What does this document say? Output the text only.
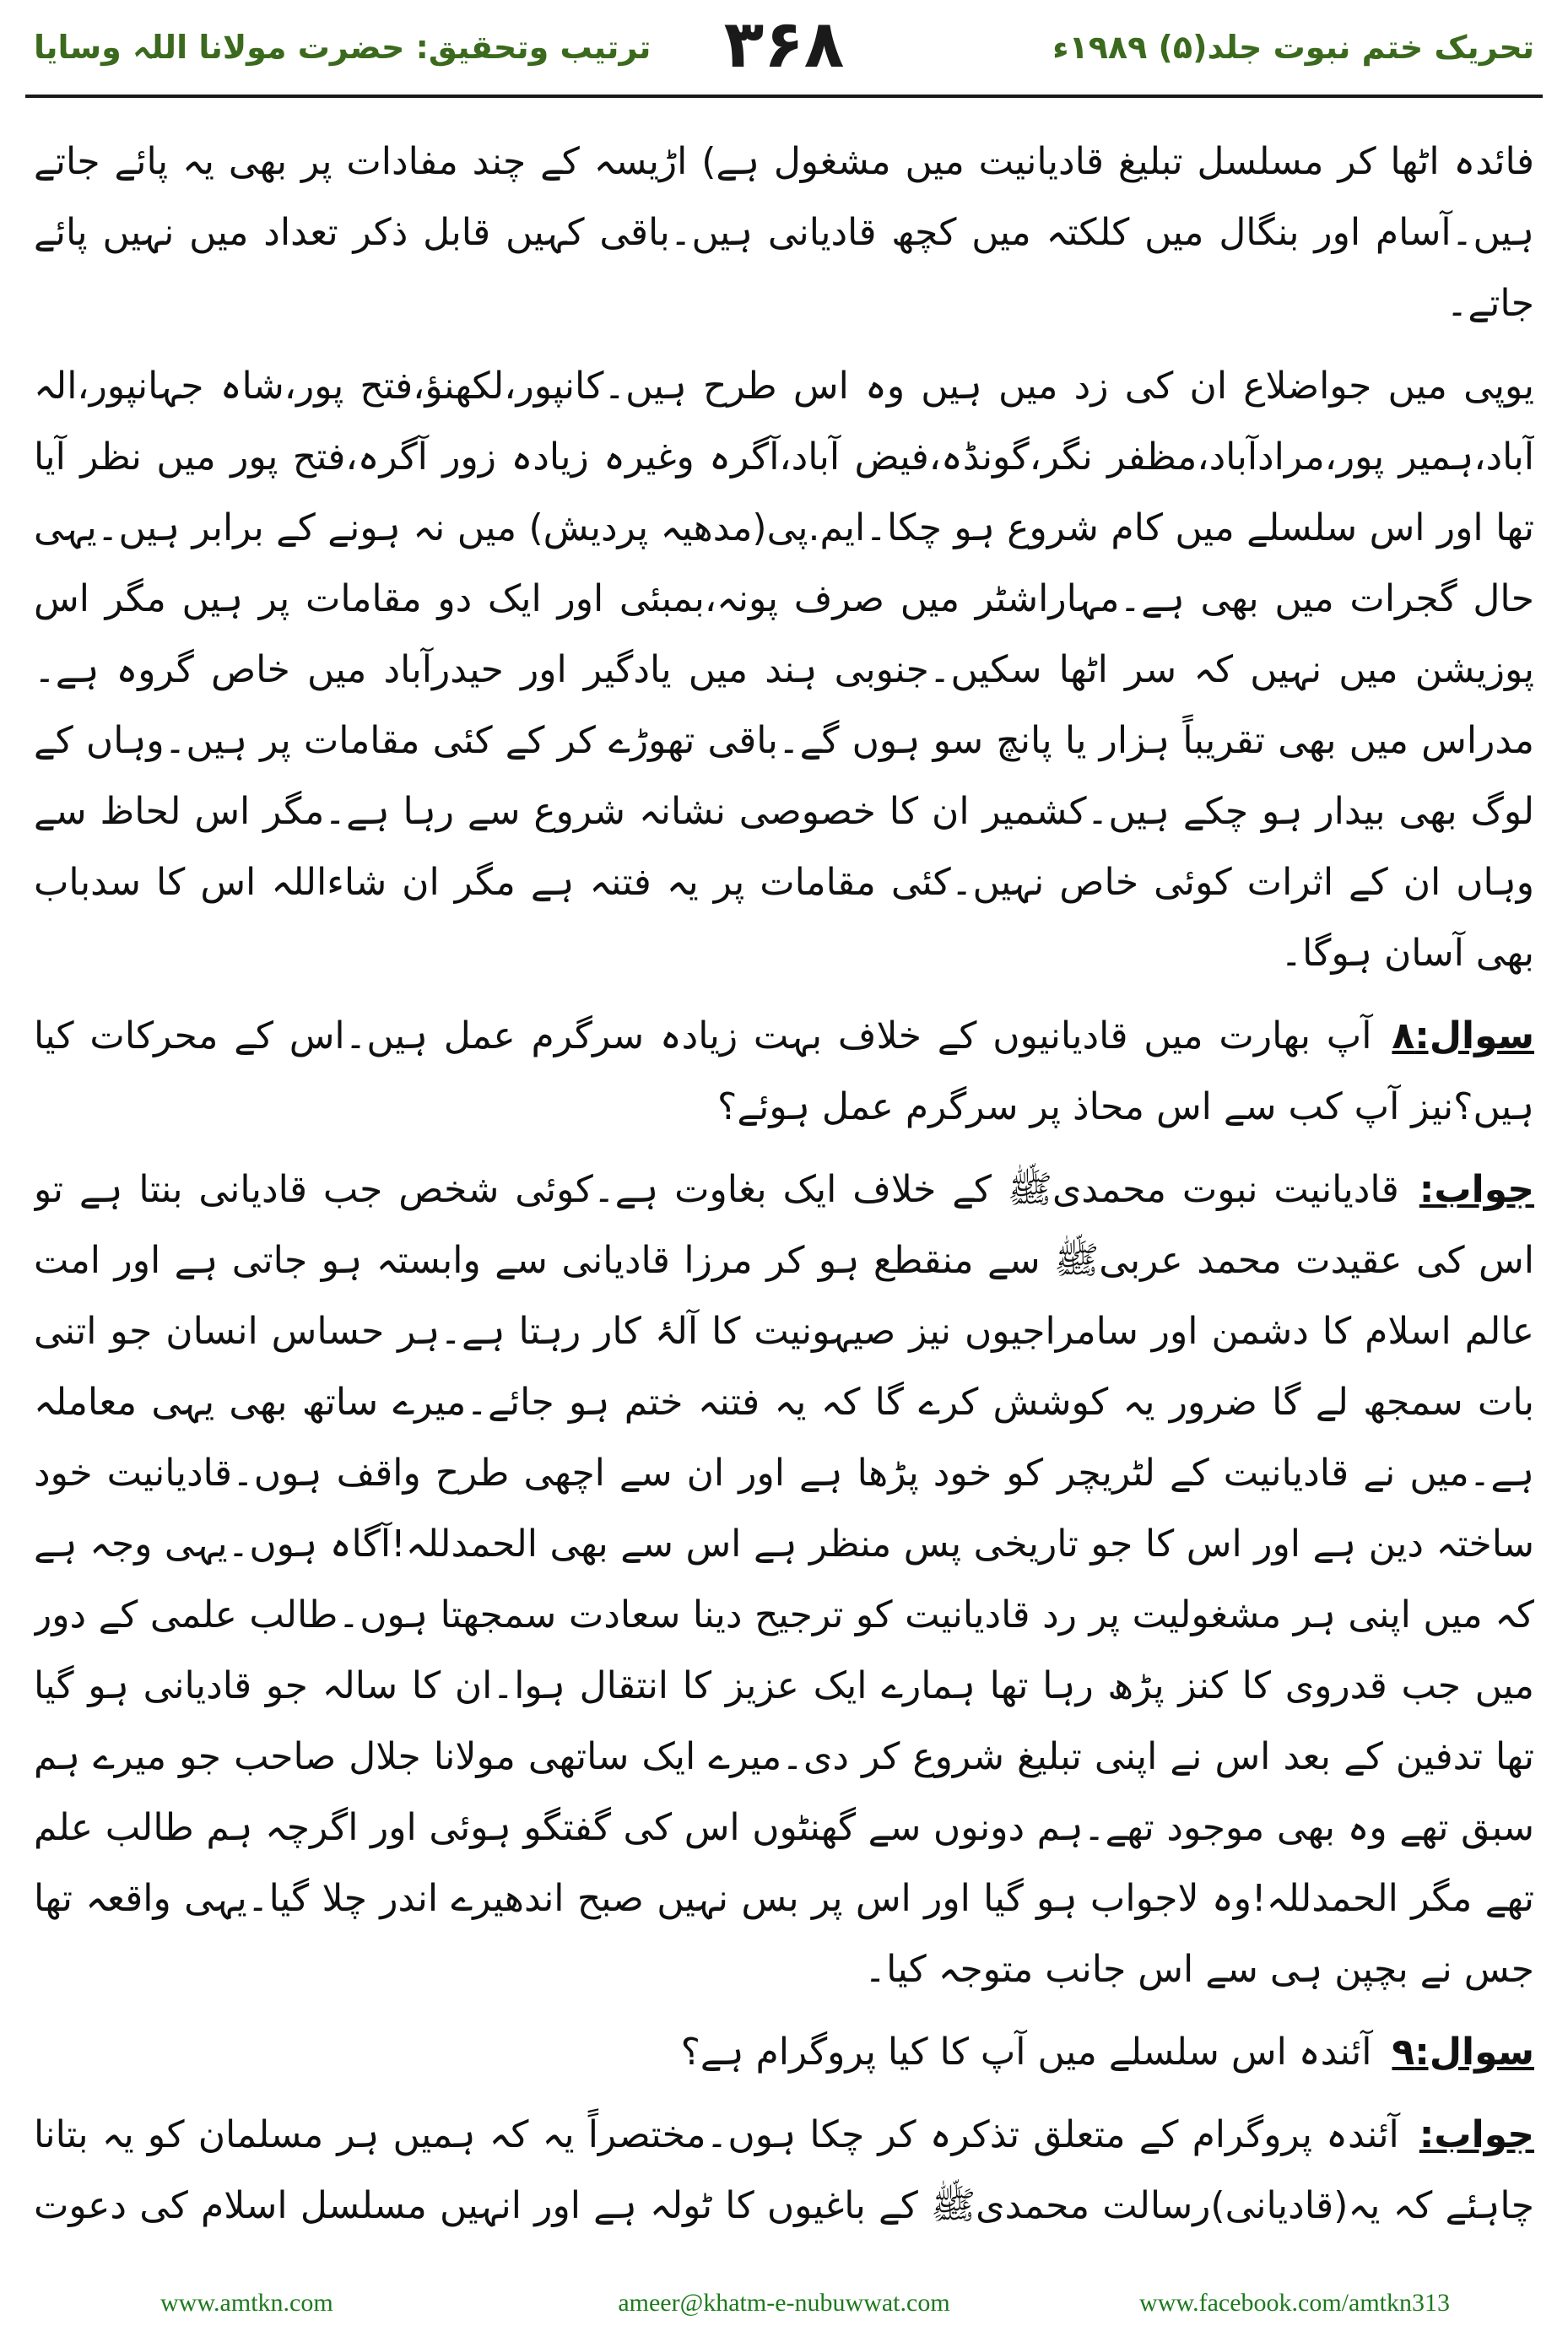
تحریک ختم نبوت جلد(۵) ۱۹۸۹ء
۳۶۸
ترتیب وتحقیق: حضرت مولانا اللہ وسایا

فائدہ اٹھا کر مسلسل تبلیغ قادیانیت میں مشغول ہے) اڑیسہ کے چند مفادات پر بھی یہ پائے جاتے ہیں۔آسام اور بنگال میں کلکتہ میں کچھ قادیانی ہیں۔باقی کہیں قابل ذکر تعداد میں نہیں پائے جاتے۔

یوپی میں جواضلاع ان کی زد میں ہیں وہ اس طرح ہیں۔کانپور،لکھنؤ،فتح پور،شاہ جہانپور،الہ آباد،ہمیر پور،مرادآباد،مظفر نگر،گونڈہ،فیض آباد،آگرہ وغیرہ زیادہ زور آگرہ،فتح پور میں نظر آیا تھا اور اس سلسلے میں کام شروع ہو چکا۔ایم.پی(مدھیہ پردیش) میں نہ ہونے کے برابر ہیں۔یہی حال گجرات میں بھی ہے۔مہاراشٹر میں صرف پونہ،بمبئی اور ایک دو مقامات پر ہیں مگر اس پوزیشن میں نہیں کہ سر اٹھا سکیں۔جنوبی ہند میں یادگیر اور حیدرآباد میں خاص گروہ ہے۔مدراس میں بھی تقریباً ہزار یا پانچ سو ہوں گے۔باقی تھوڑے کر کے کئی مقامات پر ہیں۔وہاں کے لوگ بھی بیدار ہو چکے ہیں۔کشمیر ان کا خصوصی نشانہ شروع سے رہا ہے۔مگر اس لحاظ سے وہاں ان کے اثرات کوئی خاص نہیں۔کئی مقامات پر یہ فتنہ ہے مگر ان شاءاللہ اس کا سدباب بھی آسان ہوگا۔

سوال:۸آپ بھارت میں قادیانیوں کے خلاف بہت زیادہ سرگرم عمل ہیں۔اس کے محرکات کیا ہیں؟نیز آپ کب سے اس محاذ پر سرگرم عمل ہوئے؟

جواب:قادیانیت نبوت محمدیﷺ کے خلاف ایک بغاوت ہے۔کوئی شخص جب قادیانی بنتا ہے تو اس کی عقیدت محمد عربیﷺ سے منقطع ہو کر مرزا قادیانی سے وابستہ ہو جاتی ہے اور امت عالم اسلام کا دشمن اور سامراجیوں نیز صیہونیت کا آلۂ کار رہتا ہے۔ہر حساس انسان جو اتنی بات سمجھ لے گا ضرور یہ کوشش کرے گا کہ یہ فتنہ ختم ہو جائے۔میرے ساتھ بھی یہی معاملہ ہے۔میں نے قادیانیت کے لٹریچر کو خود پڑھا ہے اور ان سے اچھی طرح واقف ہوں۔قادیانیت خود ساختہ دین ہے اور اس کا جو تاریخی پس منظر ہے اس سے بھی الحمدللہ!آگاہ ہوں۔یہی وجہ ہے کہ میں اپنی ہر مشغولیت پر رد قادیانیت کو ترجیح دینا سعادت سمجھتا ہوں۔طالب علمی کے دور میں جب قدروی کا کنز پڑھ رہا تھا ہمارے ایک عزیز کا انتقال ہوا۔ان کا سالہ جو قادیانی ہو گیا تھا تدفین کے بعد اس نے اپنی تبلیغ شروع کر دی۔میرے ایک ساتھی مولانا جلال صاحب جو میرے ہم سبق تھے وہ بھی موجود تھے۔ہم دونوں سے گھنٹوں اس کی گفتگو ہوئی اور اگرچہ ہم طالب علم تھے مگر الحمدللہ!وہ لاجواب ہو گیا اور اس پر بس نہیں صبح اندھیرے اندر چلا گیا۔یہی واقعہ تھا جس نے بچپن ہی سے اس جانب متوجہ کیا۔

سوال:۹آئندہ اس سلسلے میں آپ کا کیا پروگرام ہے؟

جواب:آئندہ پروگرام کے متعلق تذکرہ کر چکا ہوں۔مختصراً یہ کہ ہمیں ہر مسلمان کو یہ بتانا چاہئے کہ یہ(قادیانی)رسالت محمدیﷺ کے باغیوں کا ٹولہ ہے اور انہیں مسلسل اسلام کی دعوت

www.amtkn.com	ameer@khatm-e-nubuwwat.com	www.facebook.com/amtkn313
